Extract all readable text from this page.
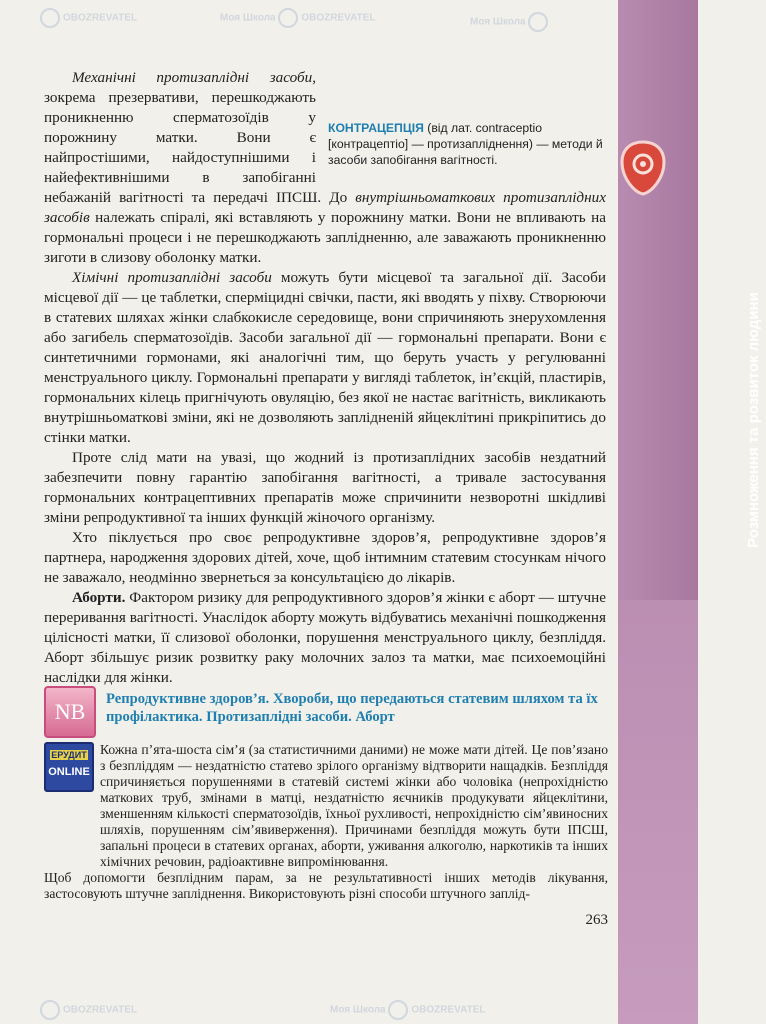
OBOZREVATEL	Моя Школа	OBOZREVATEL	Моя Школа
Моя Школа	OBOZREVATEL
OBOZREVATEL
Розмноження та розвиток людини
КОНТРАЦЕПЦІЯ (від лат. contraceptio [контрацептіо] — протизапліднення) — методи й засоби запобігання вагітності.

Механічні протизаплідні засоби, зокрема презервативи, перешкоджають проникненню сперматозоїдів у порожнину матки. Вони є найпростішими, найдоступнішими і найефективнішими в запобіганні небажаній вагітності та передачі ІПСШ. До внутрішньоматкових протизаплідних засобів належать спіралі, які вставляють у порожнину матки. Вони не впливають на гормональні процеси і не перешкоджають заплідненню, але заважають проникненню зиготи в слизову оболонку матки.

Хімічні протизаплідні засоби можуть бути місцевої та загальної дії. Засоби місцевої дії — це таблетки, сперміцидні свічки, пасти, які вводять у піхву. Створюючи в статевих шляхах жінки слабкокисле середовище, вони спричиняють знерухомлення або загибель сперматозоїдів. Засоби загальної дії — гормональні препарати. Вони є синтетичними гормонами, які аналогічні тим, що беруть участь у регулюванні менструального циклу. Гормональні препарати у вигляді таблеток, ін’єкцій, пластирів, гормональних кілець пригнічують овуляцію, без якої не настає вагітність, викликають внутрішньоматкові зміни, які не дозволяють заплідненій яйцеклітині прикріпитись до стінки матки.

Проте слід мати на увазі, що жодний із протизаплідних засобів нездатний забезпечити повну гарантію запобігання вагітності, а тривале застосування гормональних контрацептивних препаратів може спричинити незворотні шкідливі зміни репродуктивної та інших функцій жіночого організму.

Хто піклується про своє репродуктивне здоров’я, репродуктивне здоров’я партнера, народження здорових дітей, хоче, щоб інтимним статевим стосункам нічого не заважало, неодмінно звернеться за консультацією до лікарів.

Аборти. Фактором ризику для репродуктивного здоров’я жінки є аборт — штучне переривання вагітності. Унаслідок аборту можуть відбуватись механічні пошкодження цілісності матки, її слизової оболонки, порушення менструального циклу, безпліддя. Аборт збільшує ризик розвитку раку молочних залоз та матки, має психоемоційні наслідки для жінки.

NB	Репродуктивне здоров’я. Хвороби, що передаються статевим шляхом та їх профілактика. Протизаплідні засоби. Аборт
Кожна п’ята-шоста сім’я (за статистичними даними) не може мати дітей. Це пов’язано з безпліддям — нездатністю статево зрілого організму відтворити нащадків. Безпліддя спричиняється порушеннями в статевій системі жінки або чоловіка (непрохідністю маткових труб, змінами в матці, нездатністю яєчників продукувати яйцеклітини, зменшенням кількості сперматозоїдів, їхньої рухливості, непрохідністю сім’явиносних шляхів, порушенням сім’явиверження). Причинами безпліддя можуть бути ІПСШ, запальні процеси в статевих органах, аборти, уживання алкоголю, наркотиків та інших хімічних речовин, радіоактивне випромінювання.
Щоб допомогти безплідним парам, за не результативності інших методів лікування, застосовують штучне запліднення. Використовують різні способи штучного заплід-
ЕРУДИТ
ONLINE
263
